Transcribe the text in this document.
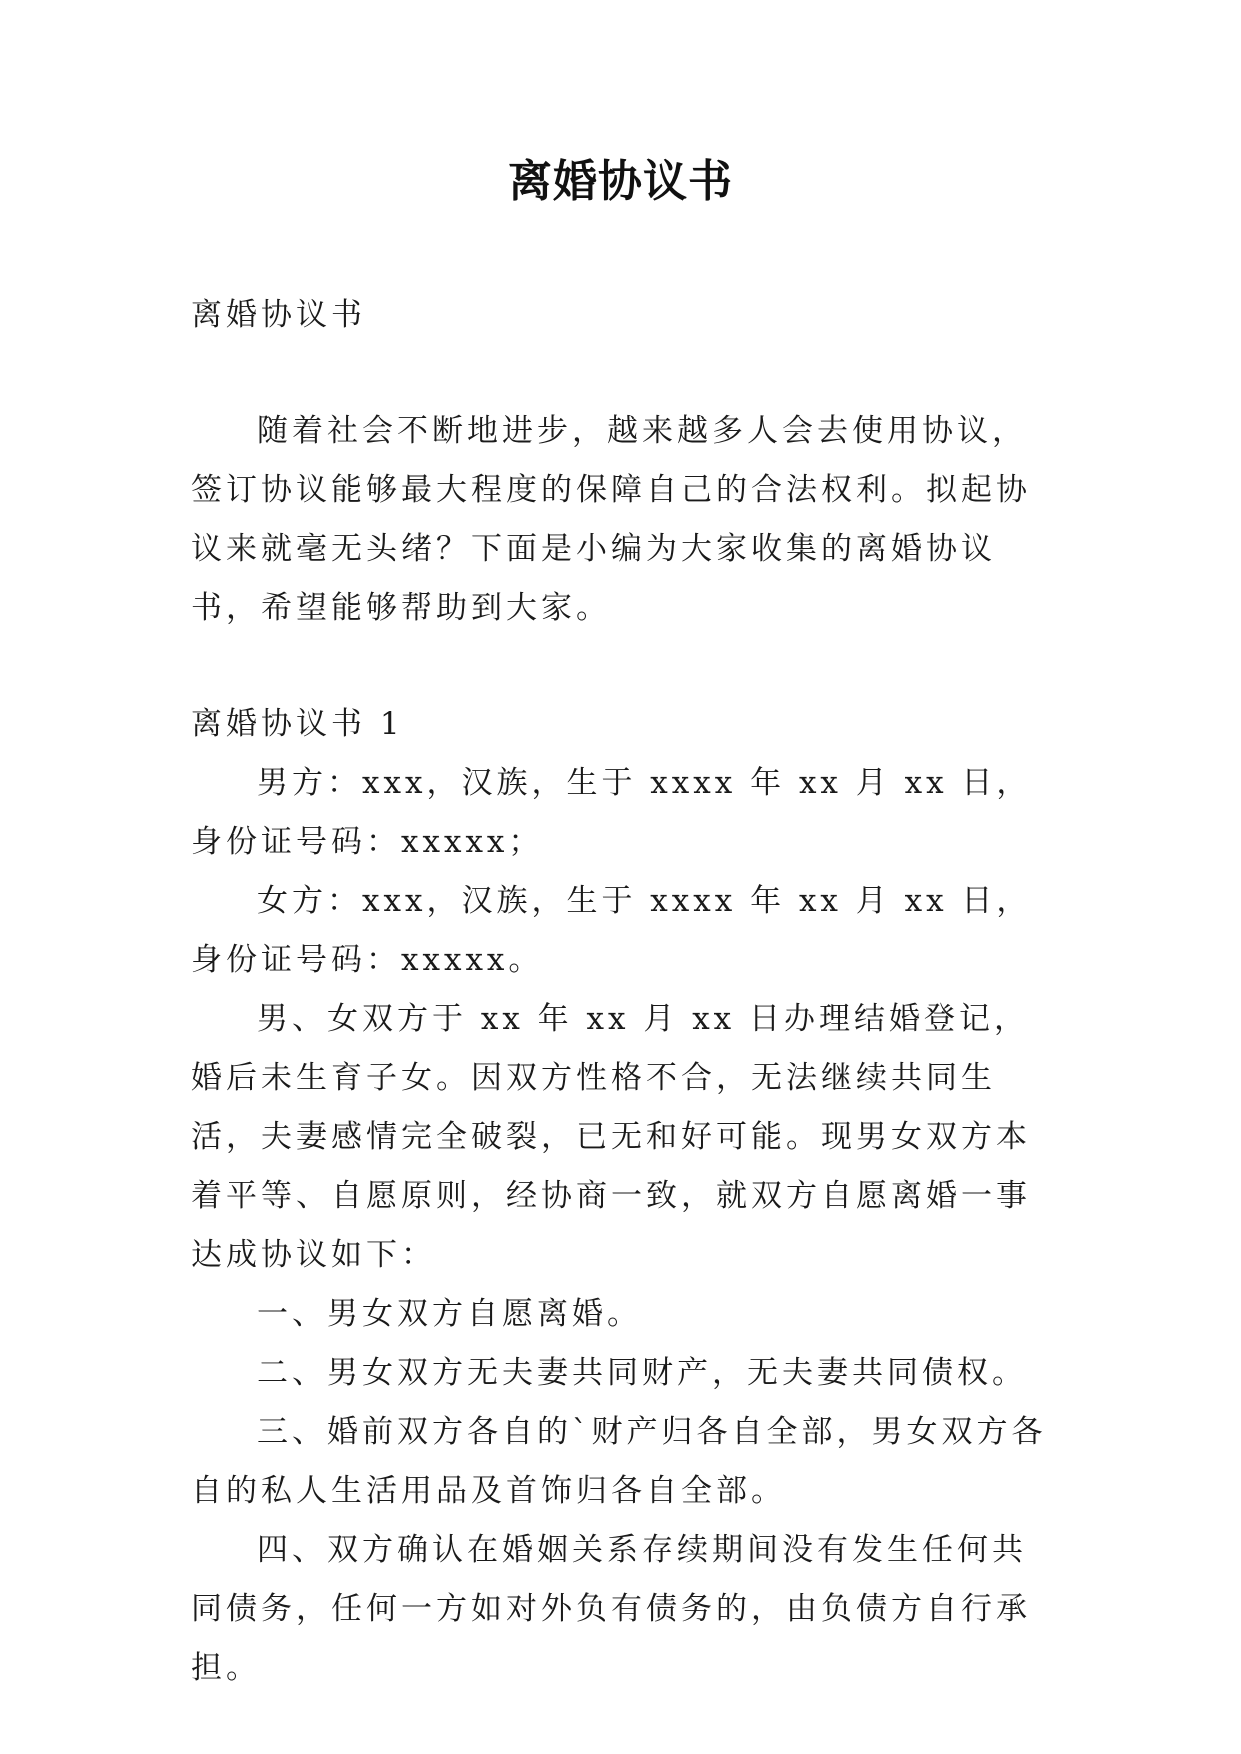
离婚协议书

离婚协议书

随着社会不断地进步，越来越多人会去使用协议，签订协议能够最大程度的保障自己的合法权利。拟起协议来就毫无头绪？下面是小编为大家收集的离婚协议书，希望能够帮助到大家。

离婚协议书 1

男方：xxx，汉族，生于 xxxx 年 xx 月 xx 日，身份证号码：xxxxx；

女方：xxx，汉族，生于 xxxx 年 xx 月 xx 日，身份证号码：xxxxx。

男、女双方于 xx 年 xx 月 xx 日办理结婚登记，婚后未生育子女。因双方性格不合，无法继续共同生活，夫妻感情完全破裂，已无和好可能。现男女双方本着平等、自愿原则，经协商一致，就双方自愿离婚一事达成协议如下：

一、男女双方自愿离婚。

二、男女双方无夫妻共同财产，无夫妻共同债权。

三、婚前双方各自的`财产归各自全部，男女双方各自的私人生活用品及首饰归各自全部。

四、双方确认在婚姻关系存续期间没有发生任何共同债务，任何一方如对外负有债务的，由负债方自行承担。
